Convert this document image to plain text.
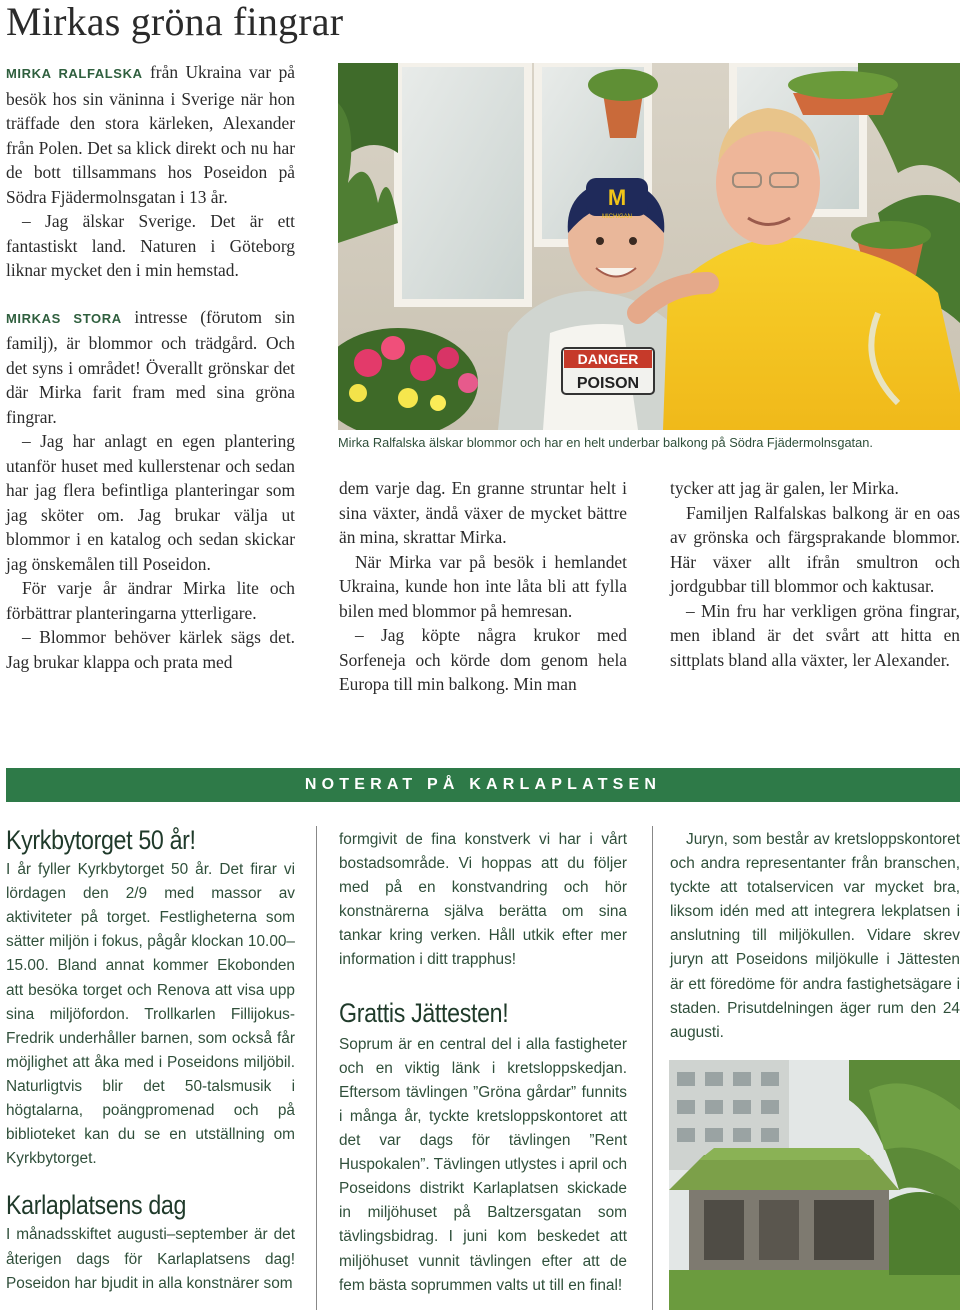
Mirkas gröna fingrar

MIRKA RALFALSKA från Ukraina var på besök hos sin väninna i Sverige när hon träffade den stora kärleken, Alexander från Polen. Det sa klick direkt och nu har de bott tillsammans hos Poseidon på Södra Fjädermolnsgatan i 13 år.

– Jag älskar Sverige. Det är ett fantastiskt land. Naturen i Göteborg liknar mycket den i min hemstad.

MIRKAS STORA intresse (förutom sin familj), är blommor och trädgård. Och det syns i området! Överallt grönskar det där Mirka farit fram med sina gröna fingrar.

– Jag har anlagt en egen plantering utanför huset med kullerstenar och sedan har jag flera befintliga planteringar som jag sköter om. Jag brukar välja ut blommor i en katalog och sedan skickar jag önskemålen till Poseidon.

För varje år ändrar Mirka lite och förbättrar planteringarna ytterligare.

– Blommor behöver kärlek sägs det. Jag brukar klappa och prata med

DANGER
POISON
M
MICHIGAN
Mirka Ralfalska älskar blommor och har en helt underbar balkong på Södra Fjädermolnsgatan.

dem varje dag. En granne struntar helt i sina växter, ändå växer de mycket bättre än mina, skrattar Mirka.

När Mirka var på besök i hemlandet Ukraina, kunde hon inte låta bli att fylla bilen med blommor på hemresan.

– Jag köpte några krukor med Sorfeneja och körde dom genom hela Europa till min balkong. Min man

tycker att jag är galen, ler Mirka.

Familjen Ralfalskas balkong är en oas av grönska och färgsprakande blommor. Här växer allt ifrån smultron och jordgubbar till blommor och kaktusar.

– Min fru har verkligen gröna fingrar, men ibland är det svårt att hitta en sittplats bland alla växter, ler Alexander.

NOTERAT PÅ KARLAPLATSEN
Kyrkbytorget 50 år!

I år fyller Kyrkbytorget 50 år. Det firar vi lördagen den 2/9 med massor av aktiviteter på torget. Festligheterna som sätter miljön i fokus, pågår klockan 10.00–15.00. Bland annat kommer Ekobonden att besöka torget och Renova att visa upp sina miljöfordon. Trollkarlen Fillijokus-Fredrik underhåller barnen, som också får möjlighet att åka med i Poseidons miljöbil. Naturligtvis blir det 50-talsmusik i högtalarna, poängpromenad och på biblioteket kan du se en utställning om Kyrkbytorget.

Karlaplatsens dag

I månadsskiftet augusti–september är det återigen dags för Karlaplatsens dag! Poseidon har bjudit in alla konstnärer som

formgivit de fina konstverk vi har i vårt bostadsområde. Vi hoppas att du följer med på en konstvandring och hör konstnärerna själva berätta om sina tankar kring verken. Håll utkik efter mer information i ditt trapphus!

Grattis Jättesten!

Soprum är en central del i alla fastigheter och en viktig länk i kretsloppskedjan. Eftersom tävlingen ”Gröna gårdar” funnits i många år, tyckte kretsloppskontoret att det var dags för tävlingen ”Rent Huspokalen”. Tävlingen utlystes i april och Poseidons distrikt Karlaplatsen skickade in miljöhuset på Baltzersgatan som tävlingsbidrag. I juni kom beskedet att miljöhuset vunnit tävlingen efter att de fem bästa soprummen valts ut till en final!

Juryn, som består av kretsloppskontoret och andra representanter från branschen, tyckte att totalservicen var mycket bra, liksom idén med att integrera lekplatsen i anslutning till miljökullen. Vidare skrev juryn att Poseidons miljökulle i Jättesten är ett föredöme för andra fastighetsägare i staden. Prisutdelningen äger rum den 24 augusti.
